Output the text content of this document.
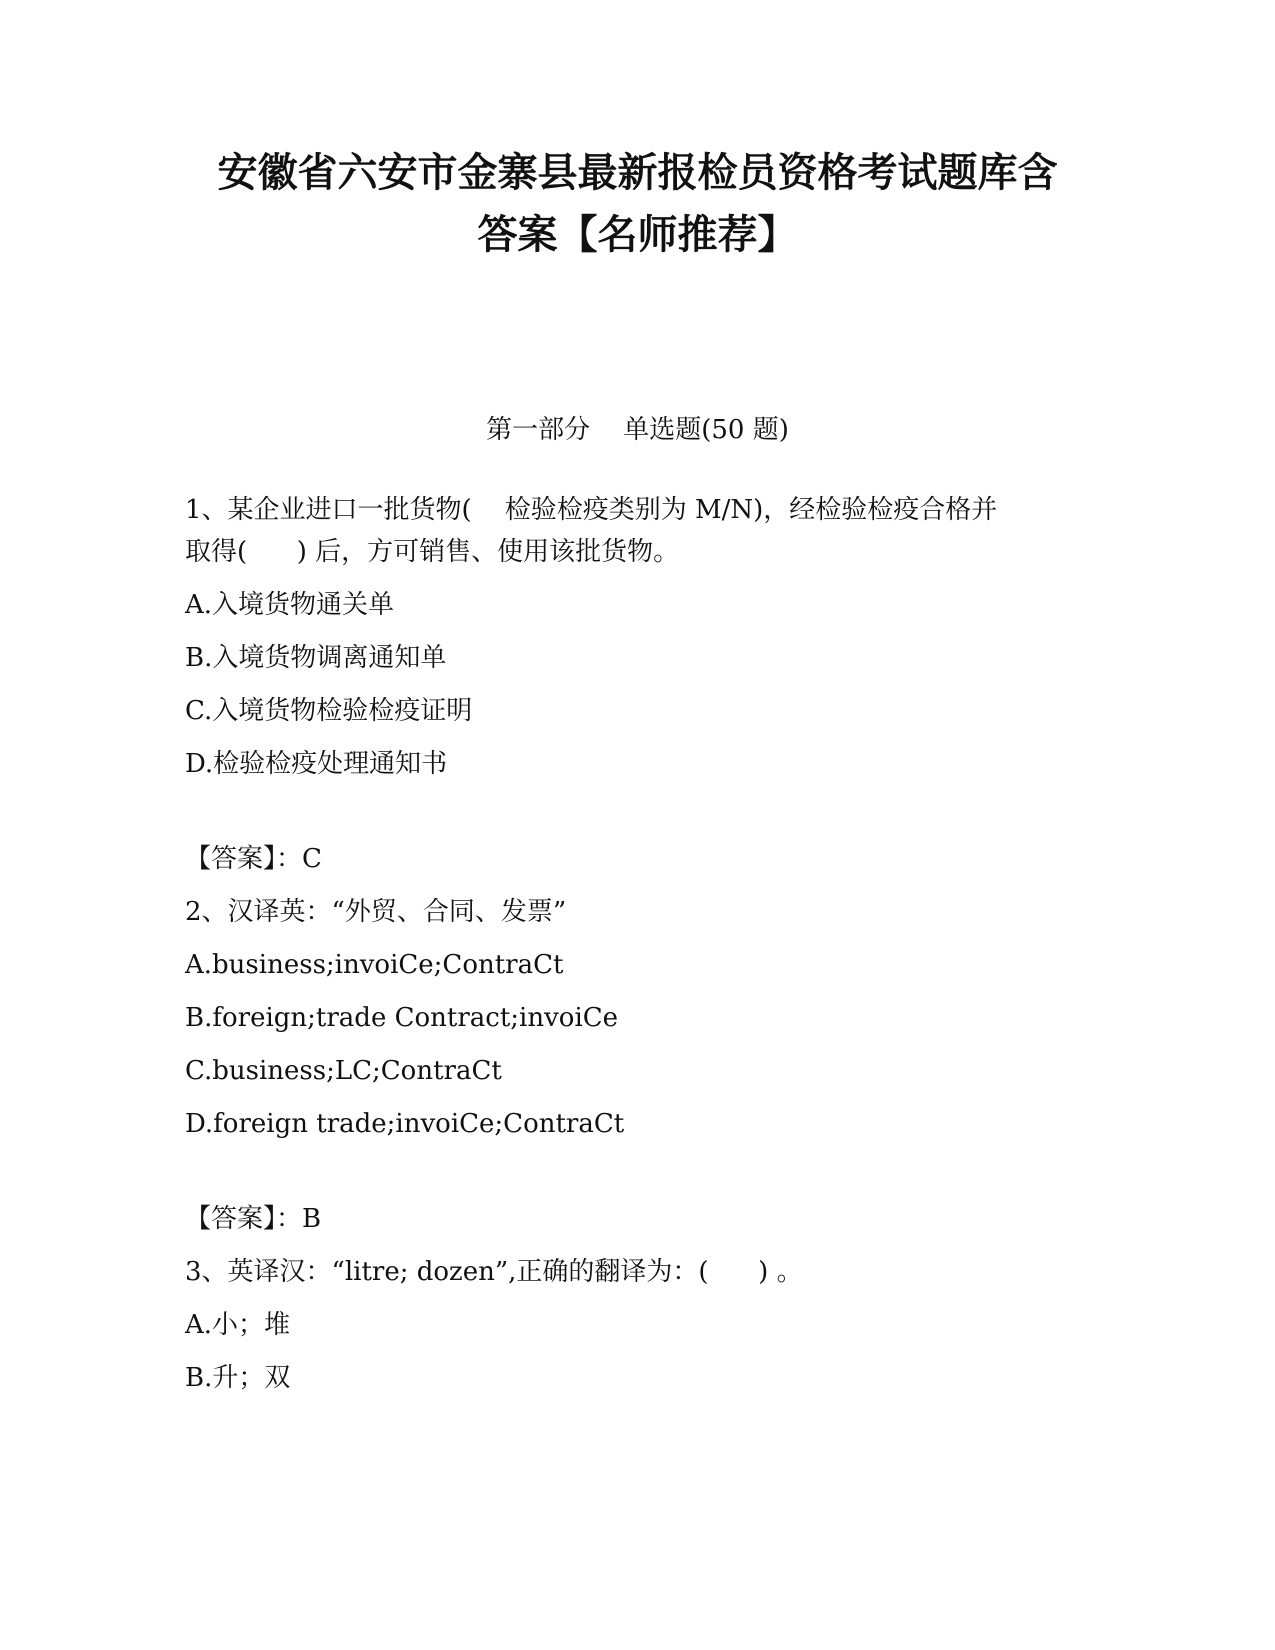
安徽省六安市金寨县最新报检员资格考试题库含
答案【名师推荐】

第一部分    单选题(50 题)

1、某企业进口一批货物(    检验检疫类别为 M/N)，经检验检疫合格并

取得(      ) 后，方可销售、使用该批货物。

A.入境货物通关单

B.入境货物调离通知单

C.入境货物检验检疫证明

D.检验检疫处理通知书

【答案】：C

2、汉译英：“外贸、合同、发票”

A.business;invoiCe;ContraCt

B.foreign;trade Contract;invoiCe

C.business;LC;ContraCt

D.foreign trade;invoiCe;ContraCt

【答案】：B

3、英译汉：“litre; dozen”,正确的翻译为：(      ) 。

A.小；堆

B.升；双
